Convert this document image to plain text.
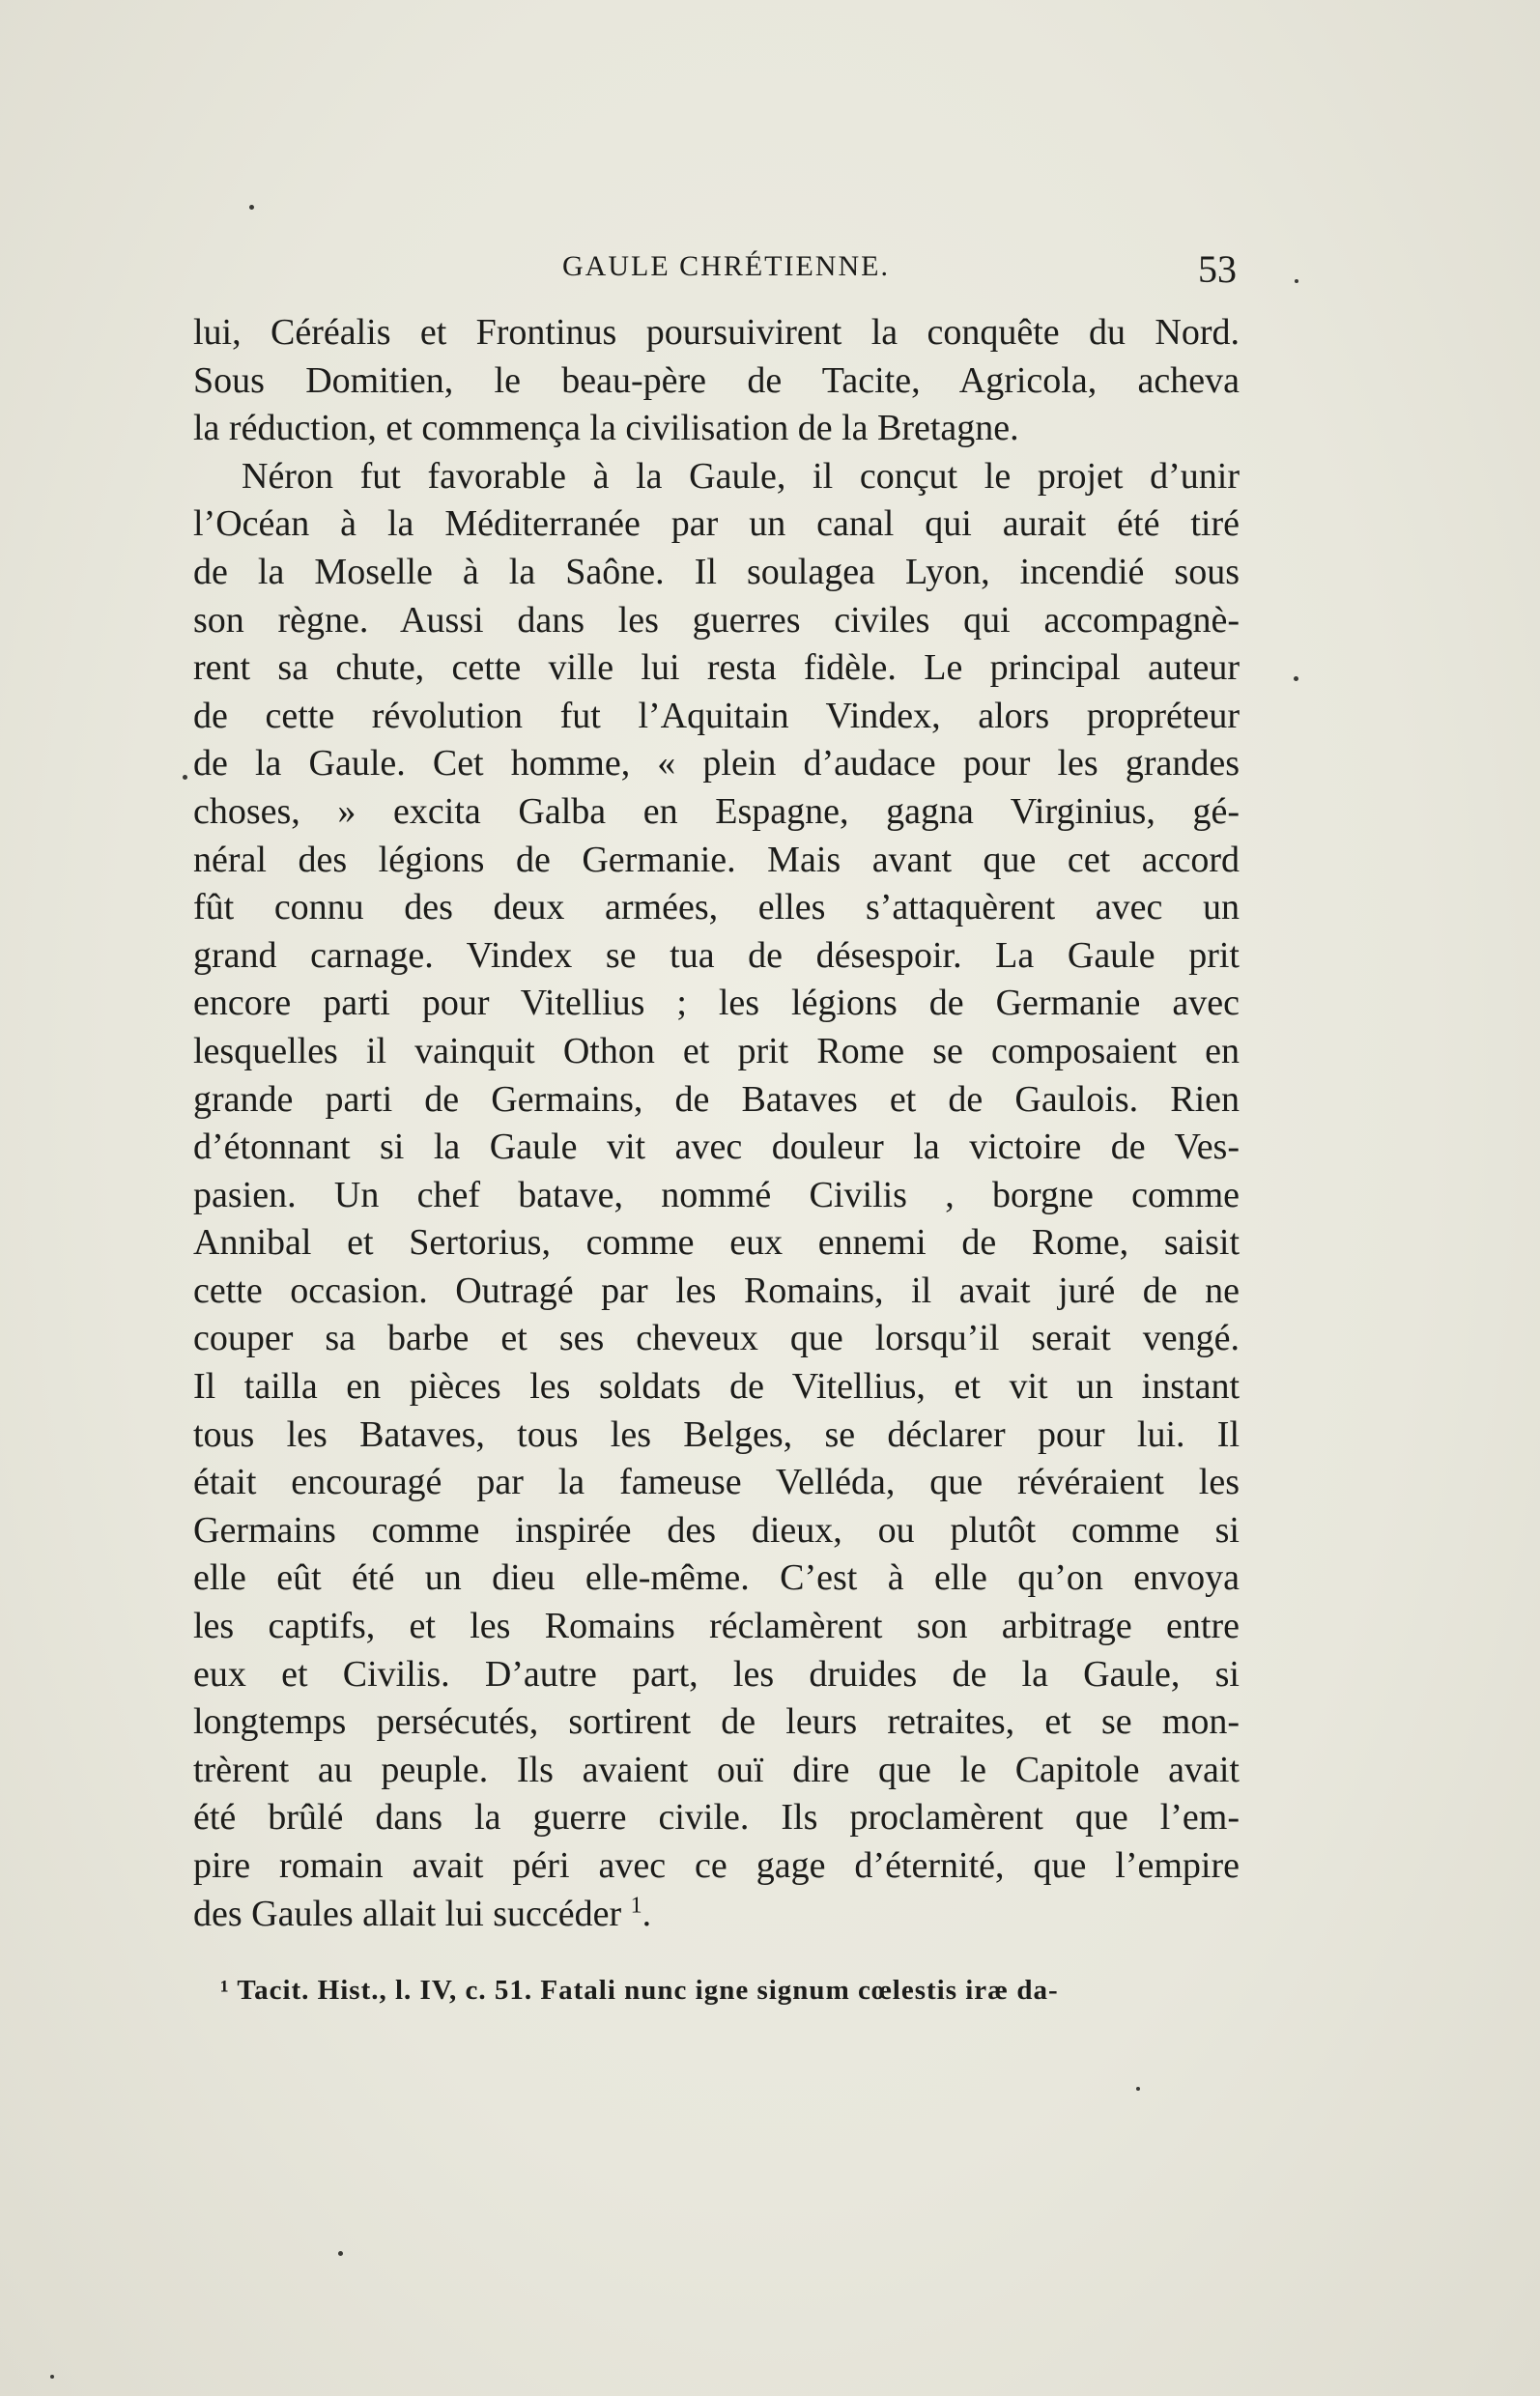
GAULE CHRÉTIENNE.	53
lui, Céréalis et Frontinus poursuivirent la conquête du Nord.
Sous Domitien, le beau-père de Tacite, Agricola, acheva
la réduction, et commença la civilisation de la Bretagne.
Néron fut favorable à la Gaule, il conçut le projet d’unir
l’Océan à la Méditerranée par un canal qui aurait été tiré
de la Moselle à la Saône. Il soulagea Lyon, incendié sous
son règne. Aussi dans les guerres civiles qui accompagnè-
rent sa chute, cette ville lui resta fidèle. Le principal auteur
de cette révolution fut l’Aquitain Vindex, alors propréteur
de la Gaule. Cet homme, « plein d’audace pour les grandes
choses, » excita Galba en Espagne, gagna Virginius, gé-
néral des légions de Germanie. Mais avant que cet accord
fût connu des deux armées, elles s’attaquèrent avec un
grand carnage. Vindex se tua de désespoir. La Gaule prit
encore parti pour Vitellius ; les légions de Germanie avec
lesquelles il vainquit Othon et prit Rome se composaient en
grande parti de Germains, de Bataves et de Gaulois. Rien
d’étonnant si la Gaule vit avec douleur la victoire de Ves-
pasien. Un chef batave, nommé Civilis , borgne comme
Annibal et Sertorius, comme eux ennemi de Rome, saisit
cette occasion. Outragé par les Romains, il avait juré de ne
couper sa barbe et ses cheveux que lorsqu’il serait vengé.
Il tailla en pièces les soldats de Vitellius, et vit un instant
tous les Bataves, tous les Belges, se déclarer pour lui. Il
était encouragé par la fameuse Velléda, que révéraient les
Germains comme inspirée des dieux, ou plutôt comme si
elle eût été un dieu elle-même. C’est à elle qu’on envoya
les captifs, et les Romains réclamèrent son arbitrage entre
eux et Civilis. D’autre part, les druides de la Gaule, si
longtemps persécutés, sortirent de leurs retraites, et se mon-
trèrent au peuple. Ils avaient ouï dire que le Capitole avait
été brûlé dans la guerre civile. Ils proclamèrent que l’em-
pire romain avait péri avec ce gage d’éternité, que l’empire
des Gaules allait lui succéder $^1$.
¹ Tacit. Hist., l. IV, c. 51. Fatali nunc igne signum cœlestis iræ da-
